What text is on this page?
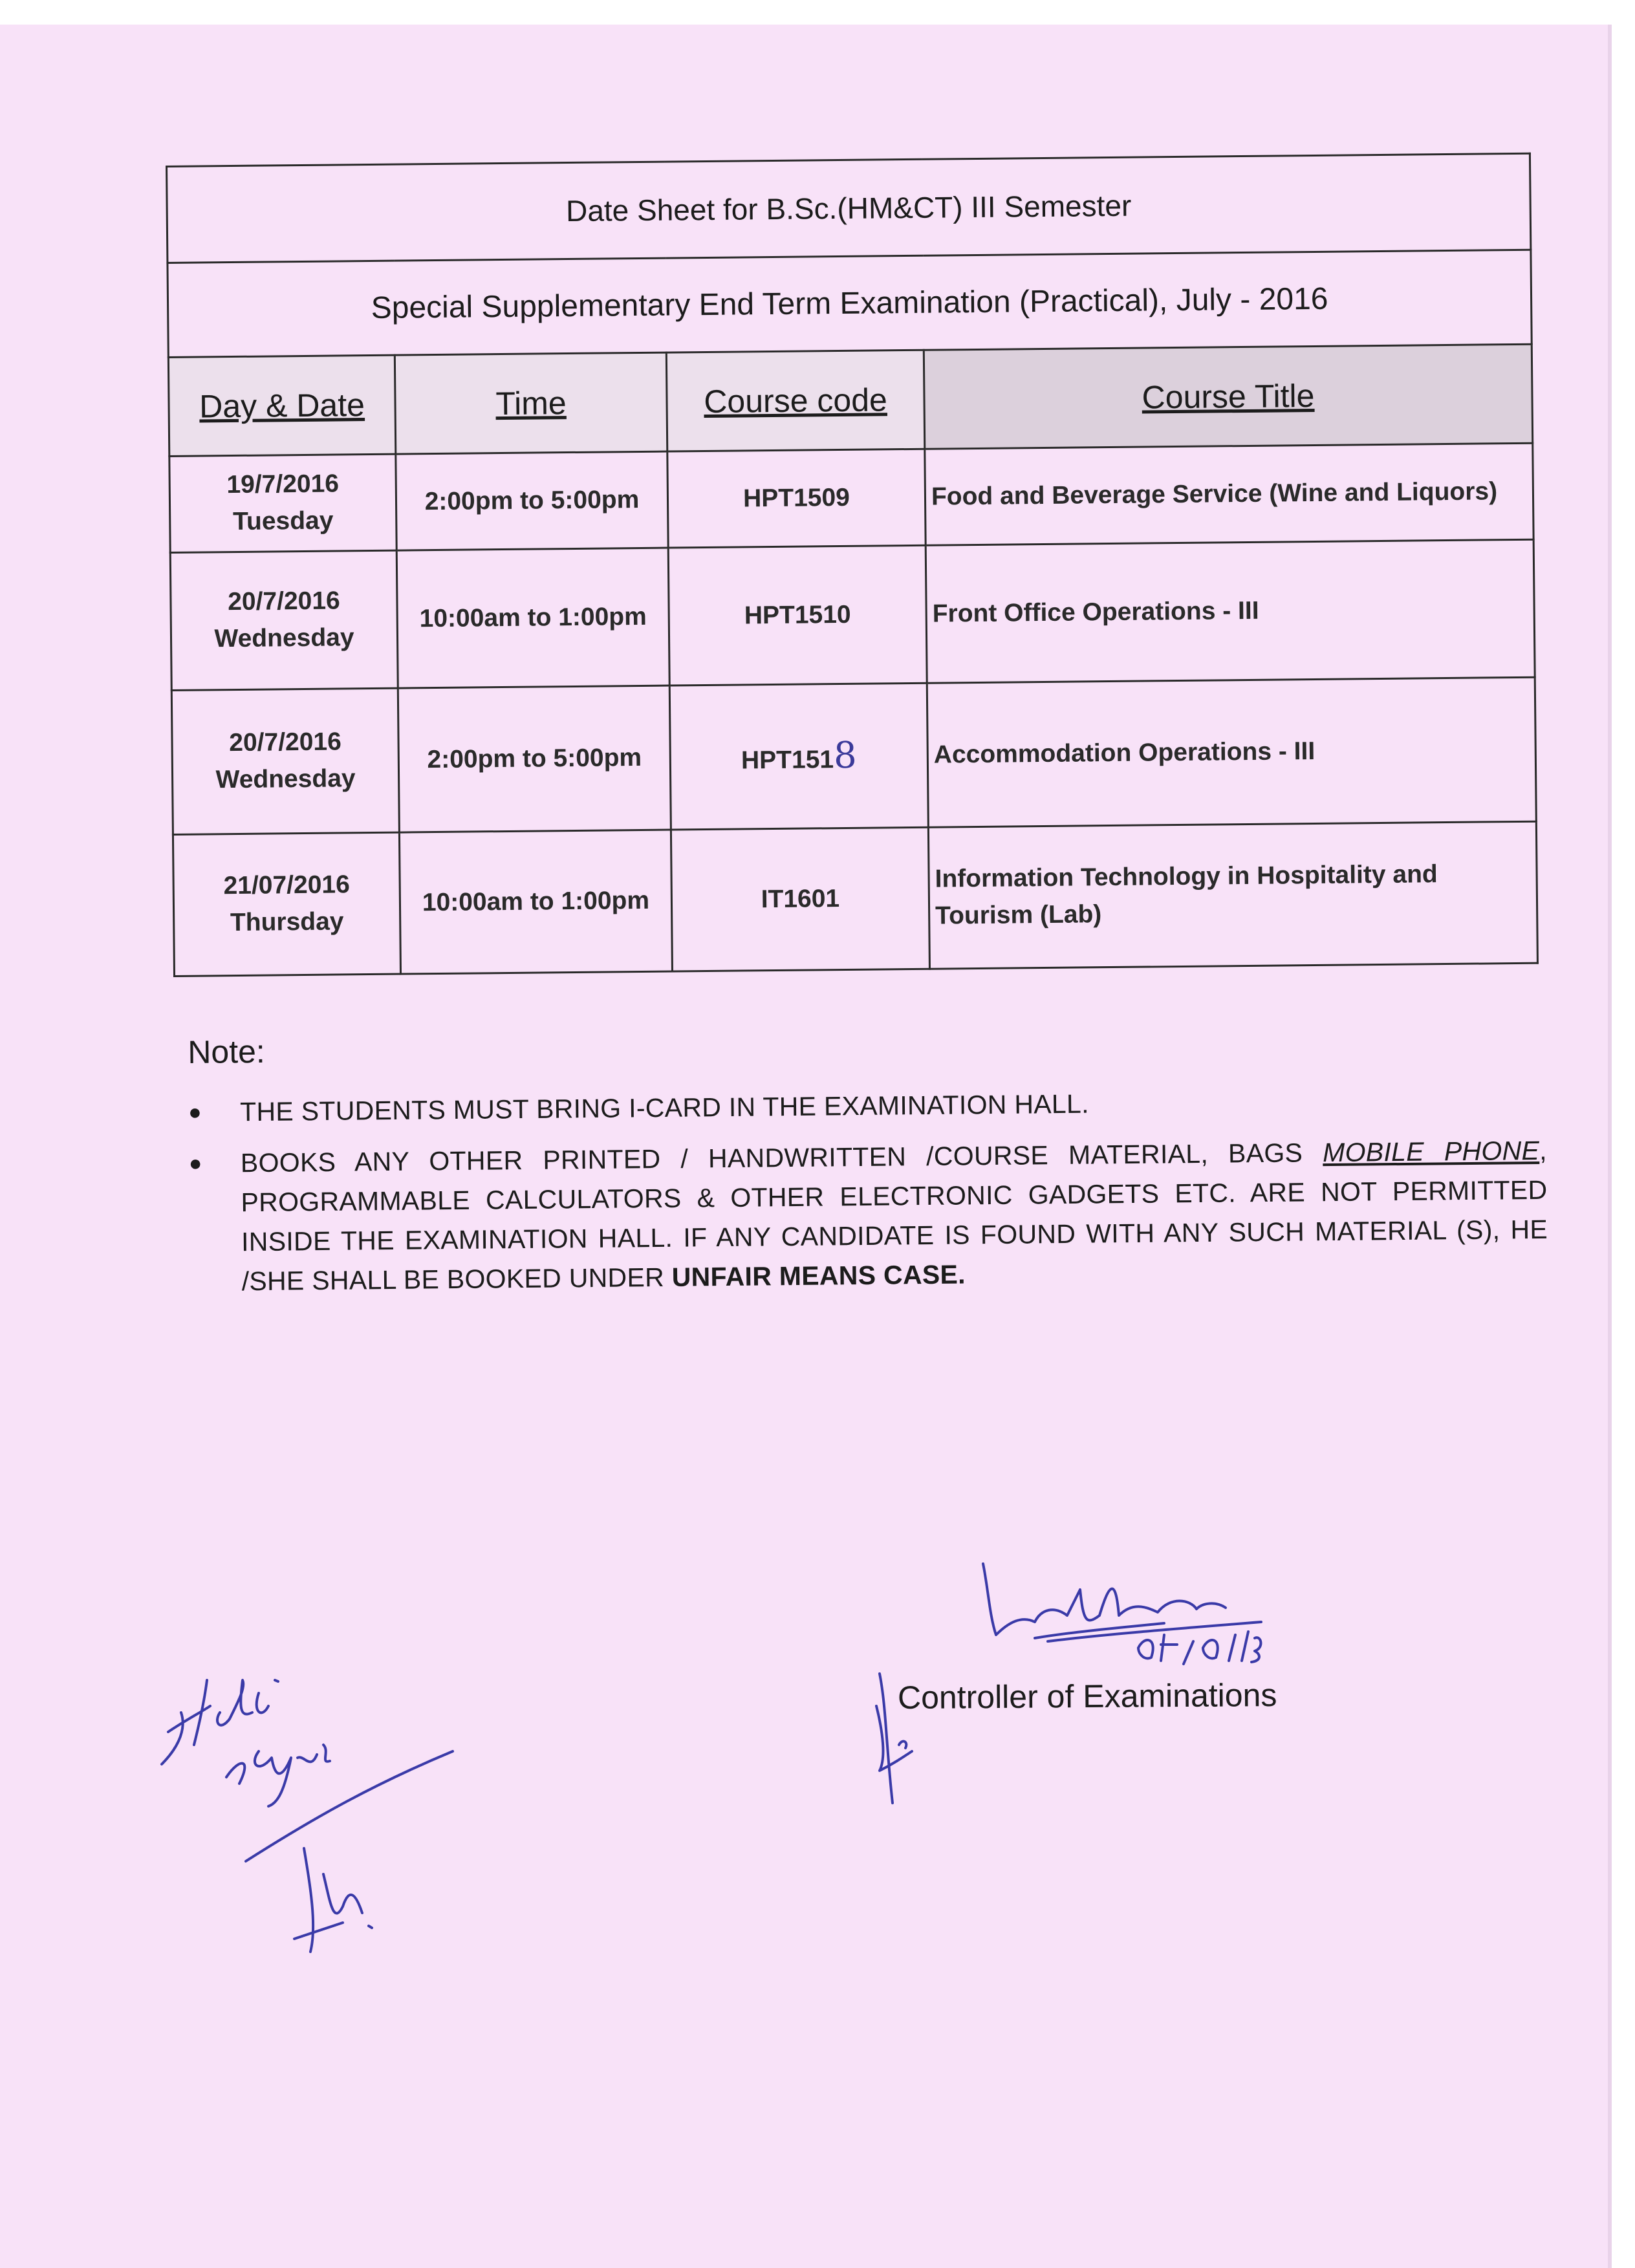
Date Sheet for B.Sc.(HM&CT) III Semester			
Special Supplementary End Term Examination (Practical), July - 2016			
Day & Date	Time	Course code	Course Title
19/7/2016
Tuesday	2:00pm to 5:00pm	HPT1509	Food and Beverage Service (Wine and Liquors)
20/7/2016
Wednesday	10:00am to 1:00pm	HPT1510	Front Office Operations - III
20/7/2016
Wednesday	2:00pm to 5:00pm	HPT1518	Accommodation Operations - III
21/07/2016
Thursday	10:00am to 1:00pm	IT1601	Information Technology in Hospitality and Tourism (Lab)
Note:
●	THE STUDENTS MUST BRING I-CARD IN THE EXAMINATION HALL.

●	BOOKS ANY OTHER PRINTED / HANDWRITTEN /COURSE MATERIAL, BAGS MOBILE PHONE, PROGRAMMABLE CALCULATORS & OTHER ELECTRONIC GADGETS ETC. ARE NOT PERMITTED INSIDE THE EXAMINATION HALL. IF ANY CANDIDATE IS FOUND WITH ANY SUCH MATERIAL (S), HE /SHE SHALL BE BOOKED UNDER UNFAIR MEANS CASE.

Controller of Examinations
